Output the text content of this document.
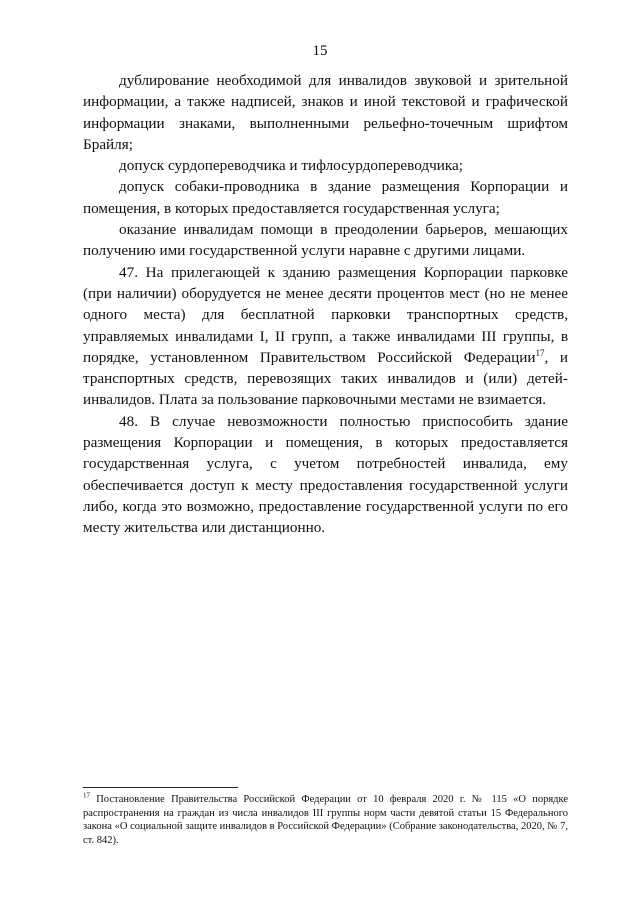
15

дублирование необходимой для инвалидов звуковой и зрительной информации, а также надписей, знаков и иной текстовой и графической информации знаками, выполненными рельефно-точечным шрифтом Брайля;

допуск сурдопереводчика и тифлосурдопереводчика;

допуск собаки-проводника в здание размещения Корпорации и помещения, в которых предоставляется государственная услуга;

оказание инвалидам помощи в преодолении барьеров, мешающих получению ими государственной услуги наравне с другими лицами.

47. На прилегающей к зданию размещения Корпорации парковке (при наличии) оборудуется не менее десяти процентов мест (но не менее одного места) для бесплатной парковки транспортных средств, управляемых инвалидами I, II групп, а также инвалидами III группы, в порядке, установленном Правительством Российской Федерации$^{17}$, и транспортных средств, перевозящих таких инвалидов и (или) детей-инвалидов. Плата за пользование парковочными местами не взимается.

48. В случае невозможности полностью приспособить здание размещения Корпорации и помещения, в которых предоставляется государственная услуга, с учетом потребностей инвалида, ему обеспечивается доступ к месту предоставления государственной услуги либо, когда это возможно, предоставление государственной услуги по его месту жительства или дистанционно.

$^{17}$ Постановление Правительства Российской Федерации от 10 февраля 2020 г. № 115 «О порядке распространения на граждан из числа инвалидов III группы норм части девятой статьи 15 Федерального закона «О социальной защите инвалидов в Российской Федерации» (Собрание законодательства, 2020, № 7, ст. 842).
